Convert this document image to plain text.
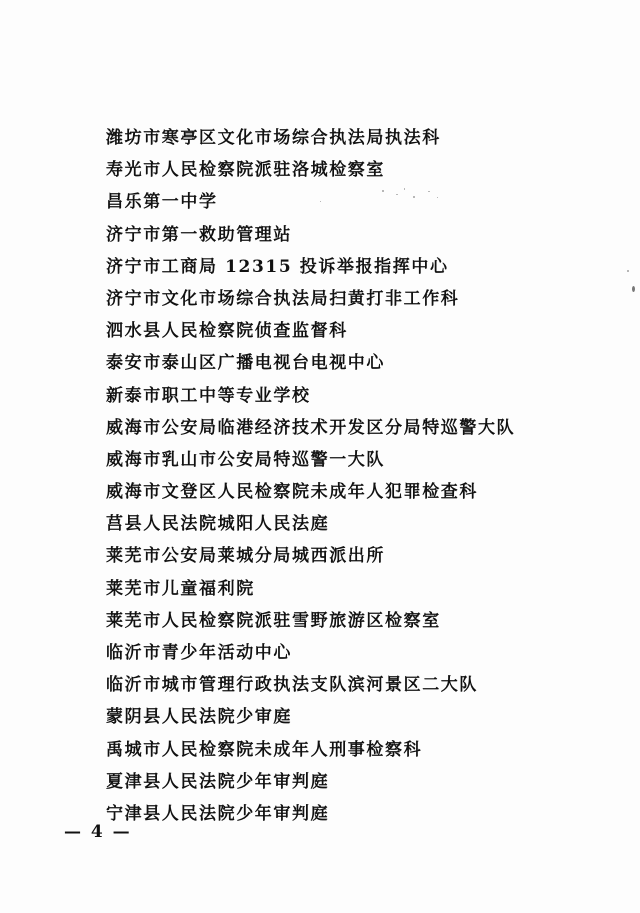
潍坊市寒亭区文化市场综合执法局执法科
寿光市人民检察院派驻洛城检察室
昌乐第一中学
济宁市第一救助管理站
济宁市工商局 12315 投诉举报指挥中心
济宁市文化市场综合执法局扫黄打非工作科
泗水县人民检察院侦查监督科
泰安市泰山区广播电视台电视中心
新泰市职工中等专业学校
威海市公安局临港经济技术开发区分局特巡警大队
威海市乳山市公安局特巡警一大队
威海市文登区人民检察院未成年人犯罪检查科
莒县人民法院城阳人民法庭
莱芜市公安局莱城分局城西派出所
莱芜市儿童福利院
莱芜市人民检察院派驻雪野旅游区检察室
临沂市青少年活动中心
临沂市城市管理行政执法支队滨河景区二大队
蒙阴县人民法院少审庭
禹城市人民检察院未成年人刑事检察科
夏津县人民法院少年审判庭
宁津县人民法院少年审判庭
— 4 —
